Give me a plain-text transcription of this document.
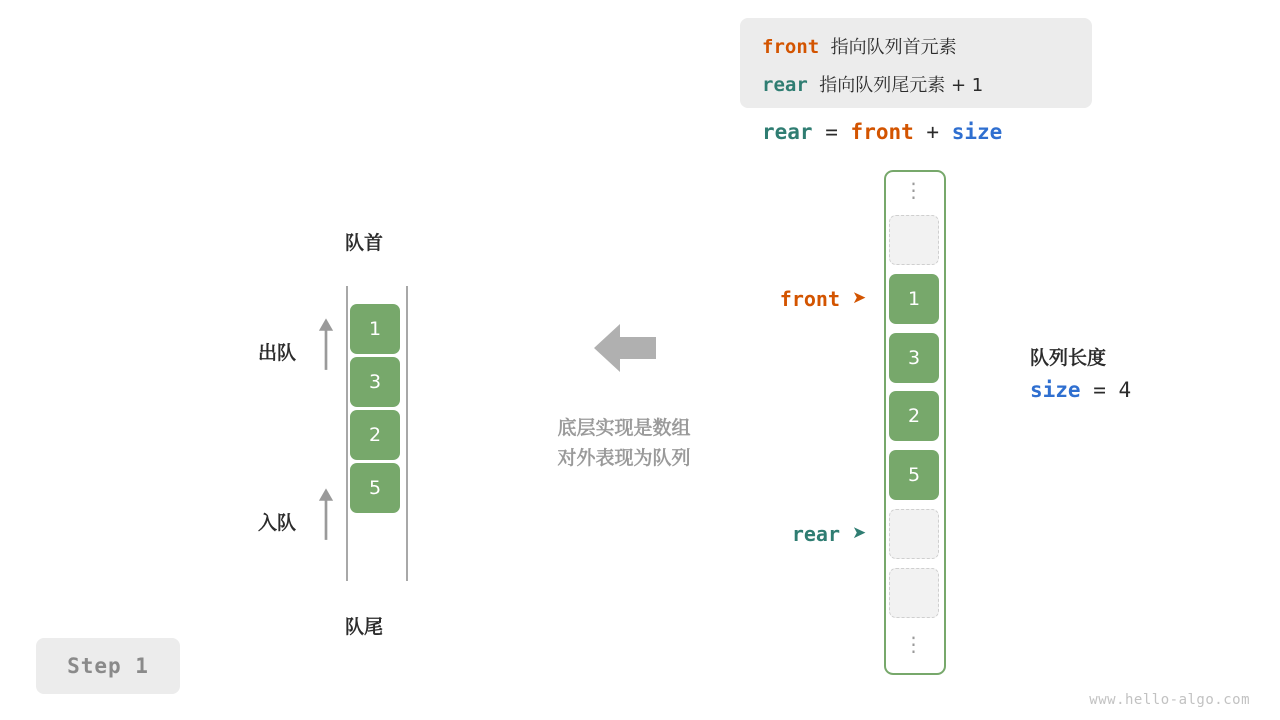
Step 1
www.hello-algo.com
队首
队尾
1
3
2
5
出队
入队
底层实现是数组
对外表现为队列
front 指向队列首元素
rear 指向队列尾元素 + 1
rear = front + size
⋮
1
3
2
5
⋮
front ➤
rear ➤
队列长度
size = 4
